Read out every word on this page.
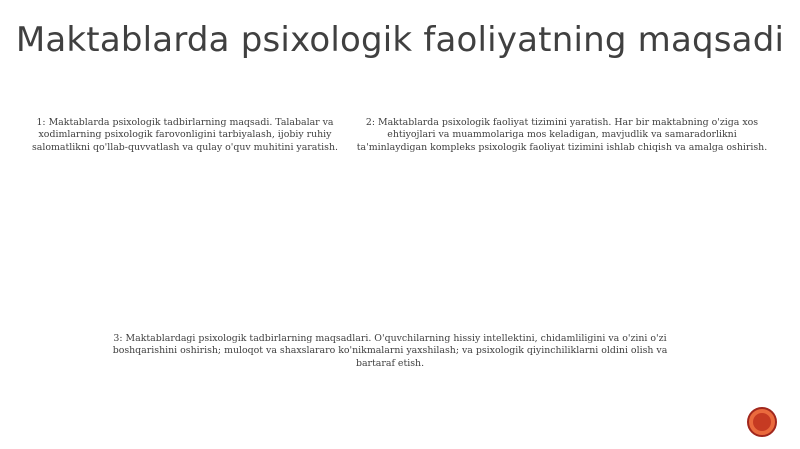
Maktablarda psixologik faoliyatning maqsadi
1: Maktablarda psixologik tadbirlarning maqsadi. Talabalar va xodimlarning psixologik farovonligini tarbiyalash, ijobiy ruhiy salomatlikni qo'llab-quvvatlash va qulay o'quv muhitini yaratish.
2: Maktablarda psixologik faoliyat tizimini yaratish. Har bir maktabning o'ziga xos ehtiyojlari va muammolariga mos keladigan, mavjudlik va samaradorlikni ta'minlaydigan kompleks psixologik faoliyat tizimini ishlab chiqish va amalga oshirish.
3: Maktablardagi psixologik tadbirlarning maqsadlari. O'quvchilarning hissiy intellektini, chidamliligini va o'zini o'zi boshqarishini oshirish; muloqot va shaxslararo ko'nikmalarni yaxshilash; va psixologik qiyinchiliklarni oldini olish va bartaraf etish.
